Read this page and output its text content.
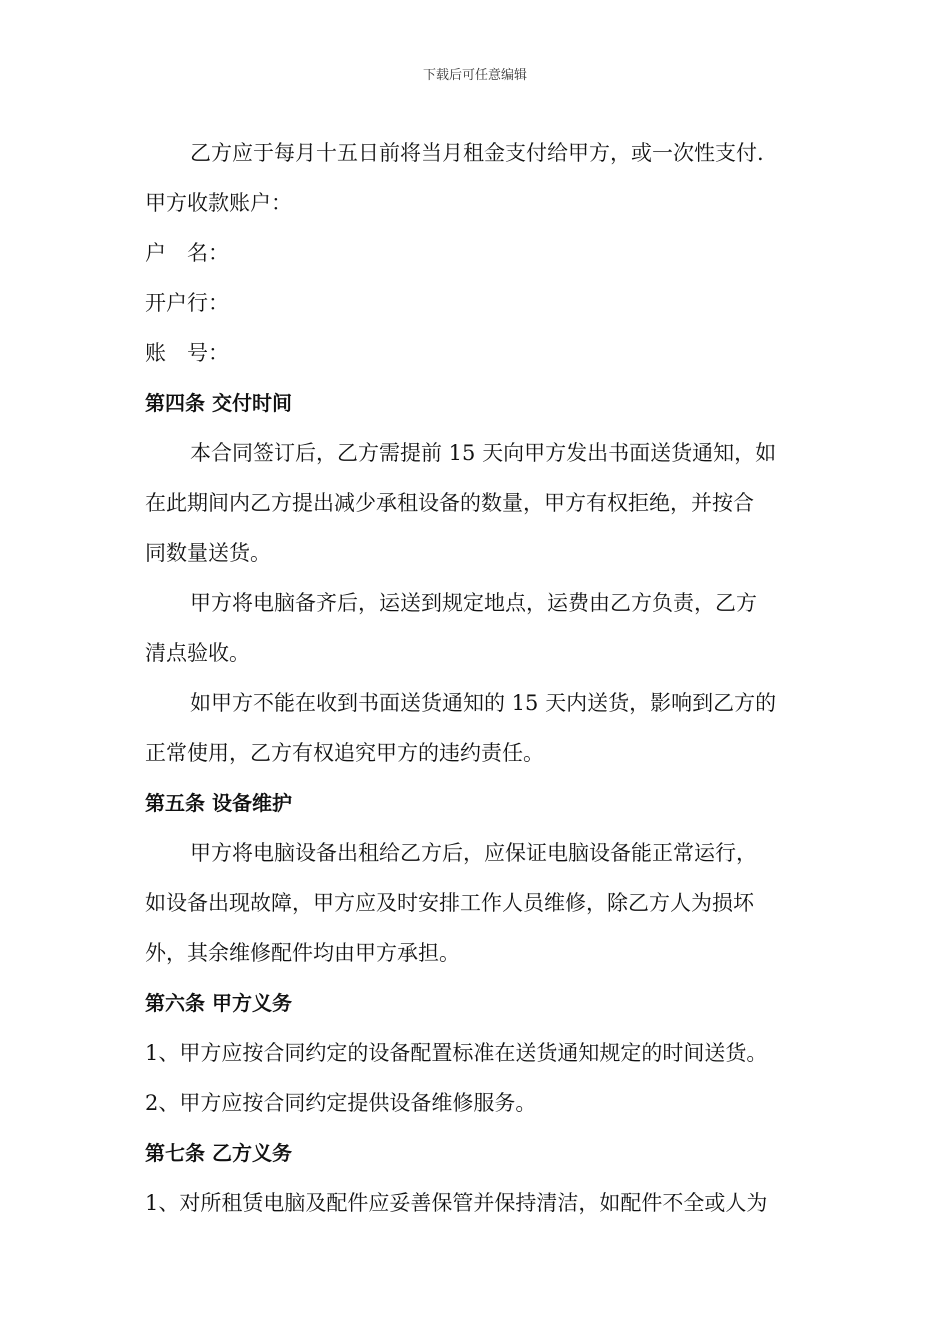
下载后可任意编辑
乙方应于每月十五日前将当月租金支付给甲方，或一次性支付.
甲方收款账户：
户　名：
开户行：
账　号：
第四条 交付时间
本合同签订后，乙方需提前 15 天向甲方发出书面送货通知，如
在此期间内乙方提出减少承租设备的数量，甲方有权拒绝，并按合
同数量送货。
甲方将电脑备齐后，运送到规定地点，运费由乙方负责，乙方
清点验收。
如甲方不能在收到书面送货通知的 15 天内送货，影响到乙方的
正常使用，乙方有权追究甲方的违约责任。
第五条 设备维护
甲方将电脑设备出租给乙方后，应保证电脑设备能正常运行，
如设备出现故障，甲方应及时安排工作人员维修，除乙方人为损坏
外，其余维修配件均由甲方承担。
第六条 甲方义务
1、甲方应按合同约定的设备配置标准在送货通知规定的时间送货。
2、甲方应按合同约定提供设备维修服务。
第七条 乙方义务
1、对所租赁电脑及配件应妥善保管并保持清洁，如配件不全或人为
